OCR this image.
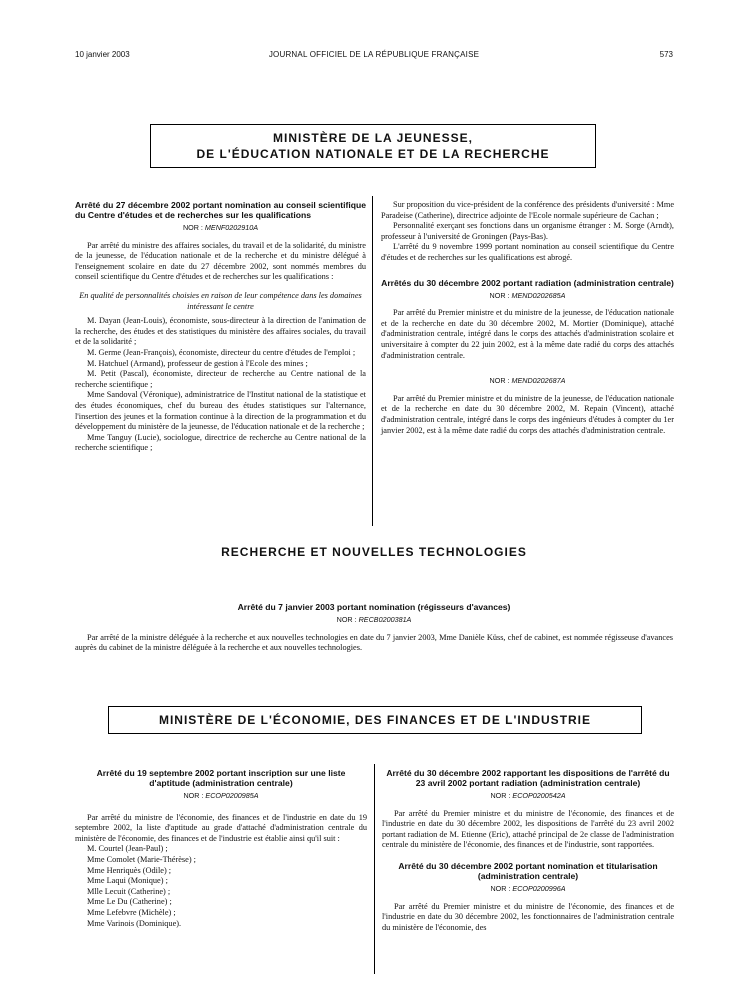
10 janvier 2003	JOURNAL OFFICIEL DE LA RÉPUBLIQUE FRANÇAISE	573
MINISTÈRE DE LA JEUNESSE,
DE L'ÉDUCATION NATIONALE ET DE LA RECHERCHE
Arrêté du 27 décembre 2002 portant nomination au conseil scientifique du Centre d'études et de recherches sur les qualifications
NOR : MENF0202910A

Par arrêté du ministre des affaires sociales, du travail et de la solidarité, du ministre de la jeunesse, de l'éducation nationale et de la recherche et du ministre délégué à l'enseignement scolaire en date du 27 décembre 2002, sont nommés membres du conseil scientifique du Centre d'études et de recherches sur les qualifications :

En qualité de personnalités choisies en raison de leur compétence dans les domaines intéressant le centre

M. Dayan (Jean-Louis), économiste, sous-directeur à la direction de l'animation de la recherche, des études et des statistiques du ministère des affaires sociales, du travail et de la solidarité ;

M. Germe (Jean-François), économiste, directeur du centre d'études de l'emploi ;

M. Hatchuel (Armand), professeur de gestion à l'Ecole des mines ;

M. Petit (Pascal), économiste, directeur de recherche au Centre national de la recherche scientifique ;

Mme Sandoval (Véronique), administratrice de l'Institut national de la statistique et des études économiques, chef du bureau des études statistiques sur l'alternance, l'insertion des jeunes et la formation continue à la direction de la programmation et du développement du ministère de la jeunesse, de l'éducation nationale et de la recherche ;

Mme Tanguy (Lucie), sociologue, directrice de recherche au Centre national de la recherche scientifique ;

Sur proposition du vice-président de la conférence des présidents d'université : Mme Paradeise (Catherine), directrice adjointe de l'Ecole normale supérieure de Cachan ;

Personnalité exerçant ses fonctions dans un organisme étranger : M. Sorge (Arndt), professeur à l'université de Groningen (Pays-Bas).

L'arrêté du 9 novembre 1999 portant nomination au conseil scientifique du Centre d'études et de recherches sur les qualifications est abrogé.

Arrêtés du 30 décembre 2002 portant radiation (administration centrale)
NOR : MEND0202685A

Par arrêté du Premier ministre et du ministre de la jeunesse, de l'éducation nationale et de la recherche en date du 30 décembre 2002, M. Mortier (Dominique), attaché d'administration centrale, intégré dans le corps des attachés d'administration scolaire et universitaire à compter du 22 juin 2002, est à la même date radié du corps des attachés d'administration centrale.

NOR : MEND0202687A

Par arrêté du Premier ministre et du ministre de la jeunesse, de l'éducation nationale et de la recherche en date du 30 décembre 2002, M. Repain (Vincent), attaché d'administration centrale, intégré dans le corps des ingénieurs d'études à compter du 1er janvier 2002, est à la même date radié du corps des attachés d'administration centrale.

RECHERCHE ET NOUVELLES TECHNOLOGIES
Arrêté du 7 janvier 2003 portant nomination (régisseurs d'avances)
NOR : RECB0200381A

Par arrêté de la ministre déléguée à la recherche et aux nouvelles technologies en date du 7 janvier 2003, Mme Danièle Küss, chef de cabinet, est nommée régisseuse d'avances auprès du cabinet de la ministre déléguée à la recherche et aux nouvelles technologies.

MINISTÈRE DE L'ÉCONOMIE, DES FINANCES ET DE L'INDUSTRIE
Arrêté du 19 septembre 2002 portant inscription sur une liste d'aptitude (administration centrale)
NOR : ECOP0200985A

Par arrêté du ministre de l'économie, des finances et de l'industrie en date du 19 septembre 2002, la liste d'aptitude au grade d'attaché d'administration centrale du ministère de l'économie, des finances et de l'industrie est établie ainsi qu'il suit :

M. Courtel (Jean-Paul) ;
Mme Comolet (Marie-Thérèse) ;
Mme Henriquès (Odile) ;
Mme Laqui (Monique) ;
Mlle Lecuit (Catherine) ;
Mme Le Du (Catherine) ;
Mme Lefebvre (Michèle) ;
Mme Varinois (Dominique).
Arrêté du 30 décembre 2002 rapportant les dispositions de l'arrêté du 23 avril 2002 portant radiation (administration centrale)
NOR : ECOP0200542A

Par arrêté du Premier ministre et du ministre de l'économie, des finances et de l'industrie en date du 30 décembre 2002, les dispositions de l'arrêté du 23 avril 2002 portant radiation de M. Etienne (Eric), attaché principal de 2e classe de l'administration centrale du ministère de l'économie, des finances et de l'industrie, sont rapportées.

Arrêté du 30 décembre 2002 portant nomination et titularisation (administration centrale)
NOR : ECOP0200996A

Par arrêté du Premier ministre et du ministre de l'économie, des finances et de l'industrie en date du 30 décembre 2002, les fonctionnaires de l'administration centrale du ministère de l'économie, des
